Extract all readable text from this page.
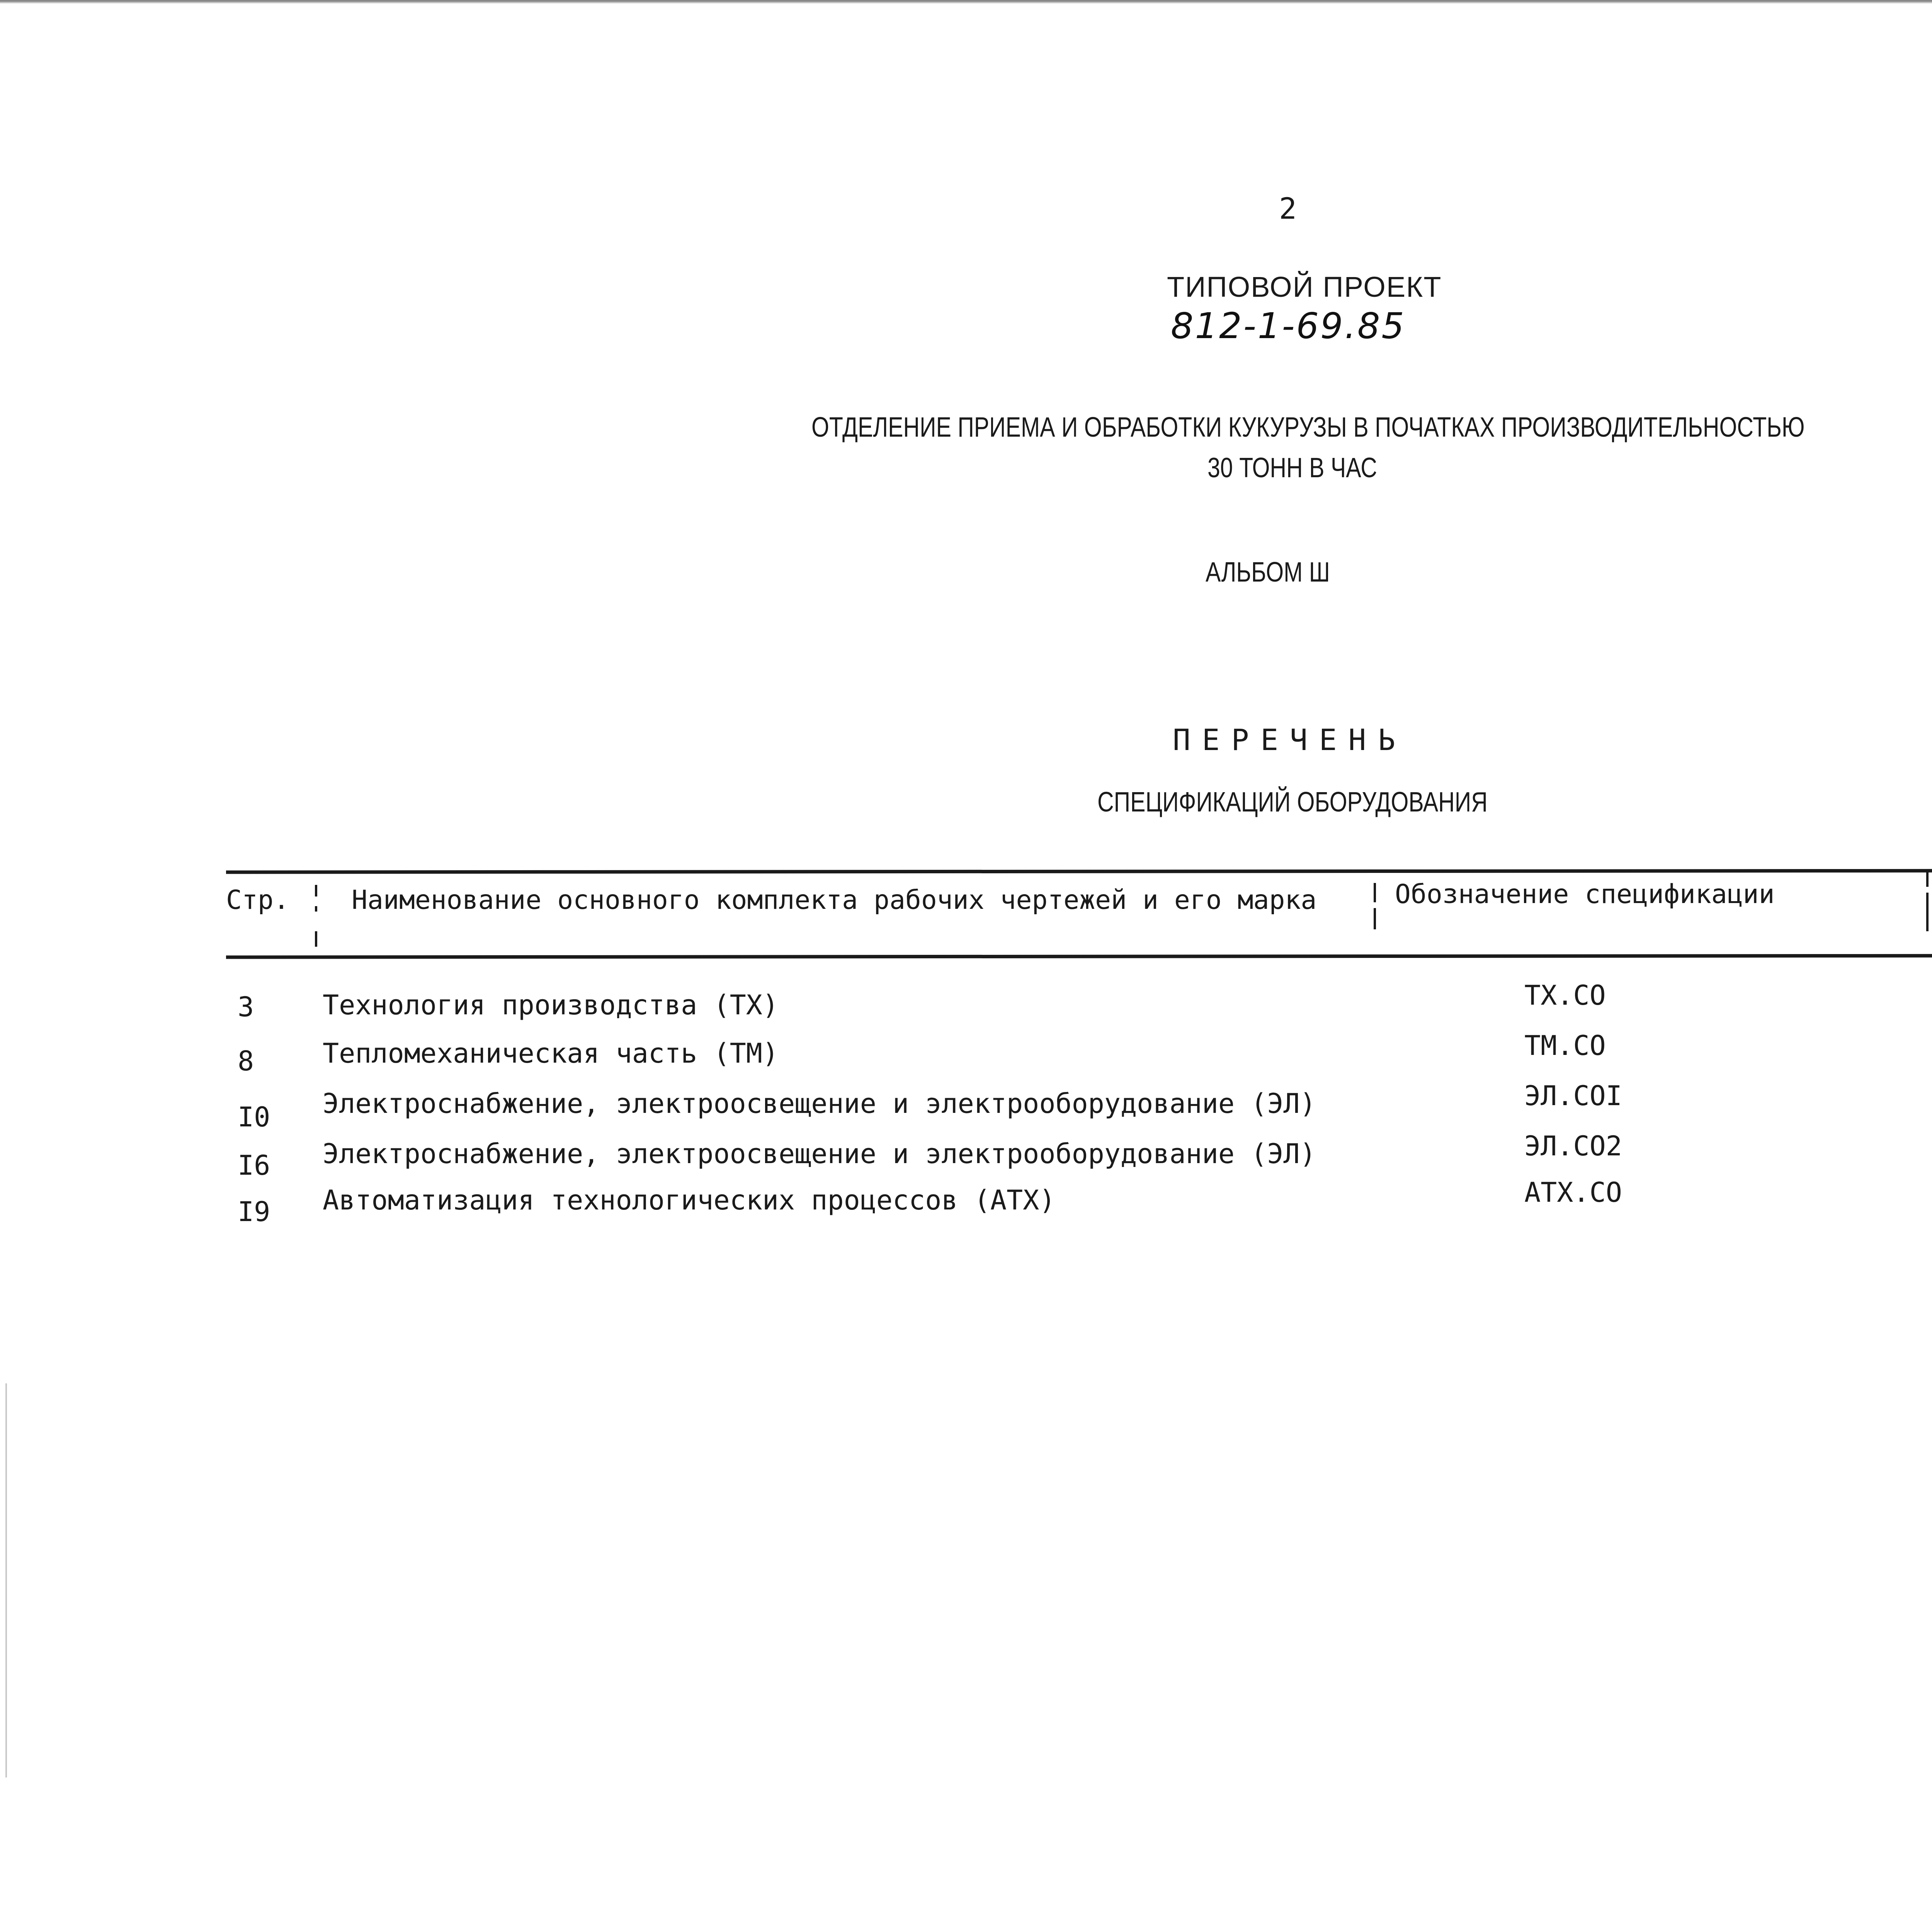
2
ТИПОВОЙ ПРОЕКТ
812-1-69.85
ОТДЕЛЕНИЕ ПРИЕМА И ОБРАБОТКИ КУКУРУЗЫ В ПОЧАТКАХ ПРОИЗВОДИТЕЛЬНОСТЬЮ
30 ТОНН В ЧАС
АЛЬБОМ Ш
ПЕРЕЧЕНЬ
СПЕЦИФИКАЦИЙ ОБОРУДОВАНИЯ
Стр. Наименование основного комплекта рабочих чертежей и его марка	Обозначение спецификации
3	Технология производства (ТХ)	ТХ.СО
8	Тепломеханическая часть (ТМ)	ТМ.СО
I0 Электроснабжение, электроосвещение и электрооборудование (ЭЛ)	ЭЛ.СОI
I6 Электроснабжение, электроосвещение и электрооборудование (ЭЛ)	ЭЛ.СО2
I9 Автоматизация технологических процессов (АТХ)	АТХ.СО
